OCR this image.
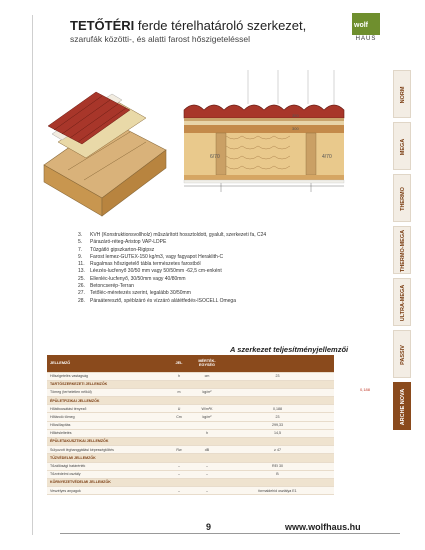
TETŐTÉRI ferde térelhatároló szerkezet,
szarufák közötti-, és alatti farost hőszigeteléssel
wolf
HAUS
NORM
MEGA
THERMO
THERMO-MEGA
ULTRA-MEGA
PASSIV
ARCHE NOVA
6/70	4/70
350
300
3.	KVH (Konstruktionsvollholz) műszárított hossztoldott, gyalult, szerkezeti fa, C24
5.	Párazáró-réteg-Aristop VAP-LDPE
7.	Tűzgátló gipszkarton-Rigipsz
9.	Farost lemez-GUTEX-150 kg/m3, vagy fagyapot Heraklith-C
11.	Rugalmas hőszigetelő tábla természetes farostból
13.	Léezés-lucfenyő 30/50 mm vagy 50/50mm -62,5 cm-enként
25.	Ellenléc-lucfenyő, 30/50mm vagy 40/80mm
26.	Betoncserép-Terran
27.	Tetőléc-méretezés szerint, legalább 30/50mm
28.	Páraáteresztő, spéblzáró és vízzáró alátétfedés-ISOCELL Omega
A szerkezet teljesítményjellemzői
JELLEMZŐ	JEL	MÉRTÉK-EGYSÉG	
Hőszigetelés vastagság	h	cm	23
TARTÓSZERKEZETI JELLEMZŐK			
Tömeg (terheletlen nélkül)	m	kg/m²	
ÉPÜLETFIZIKAI JELLEMZŐK			
Hőátbocsátási tényező	U	W/m²K	0,188
Hőtároló tömeg	Cm	kg/m²	23
Hőcsillapítás			299,33
Hőkésleltetés		h	14,5
ÉPÜLETAKUSZTIKAI JELLEMZŐK			
Súlyozott léghanggátlási képességtöltés	Rw	dB	≥ 47
TŰZVÉDELMI JELLEMZŐK			
Tűzállósági határérték	–	–	REI 30
Tűzvédelmi osztály	–	–	B
KÖRNYEZETVÉDELMI JELLEMZŐK			
Veszélyes anyagok	–	–	formaldehid osztálya E1
0,188
9	www.wolfhaus.hu
